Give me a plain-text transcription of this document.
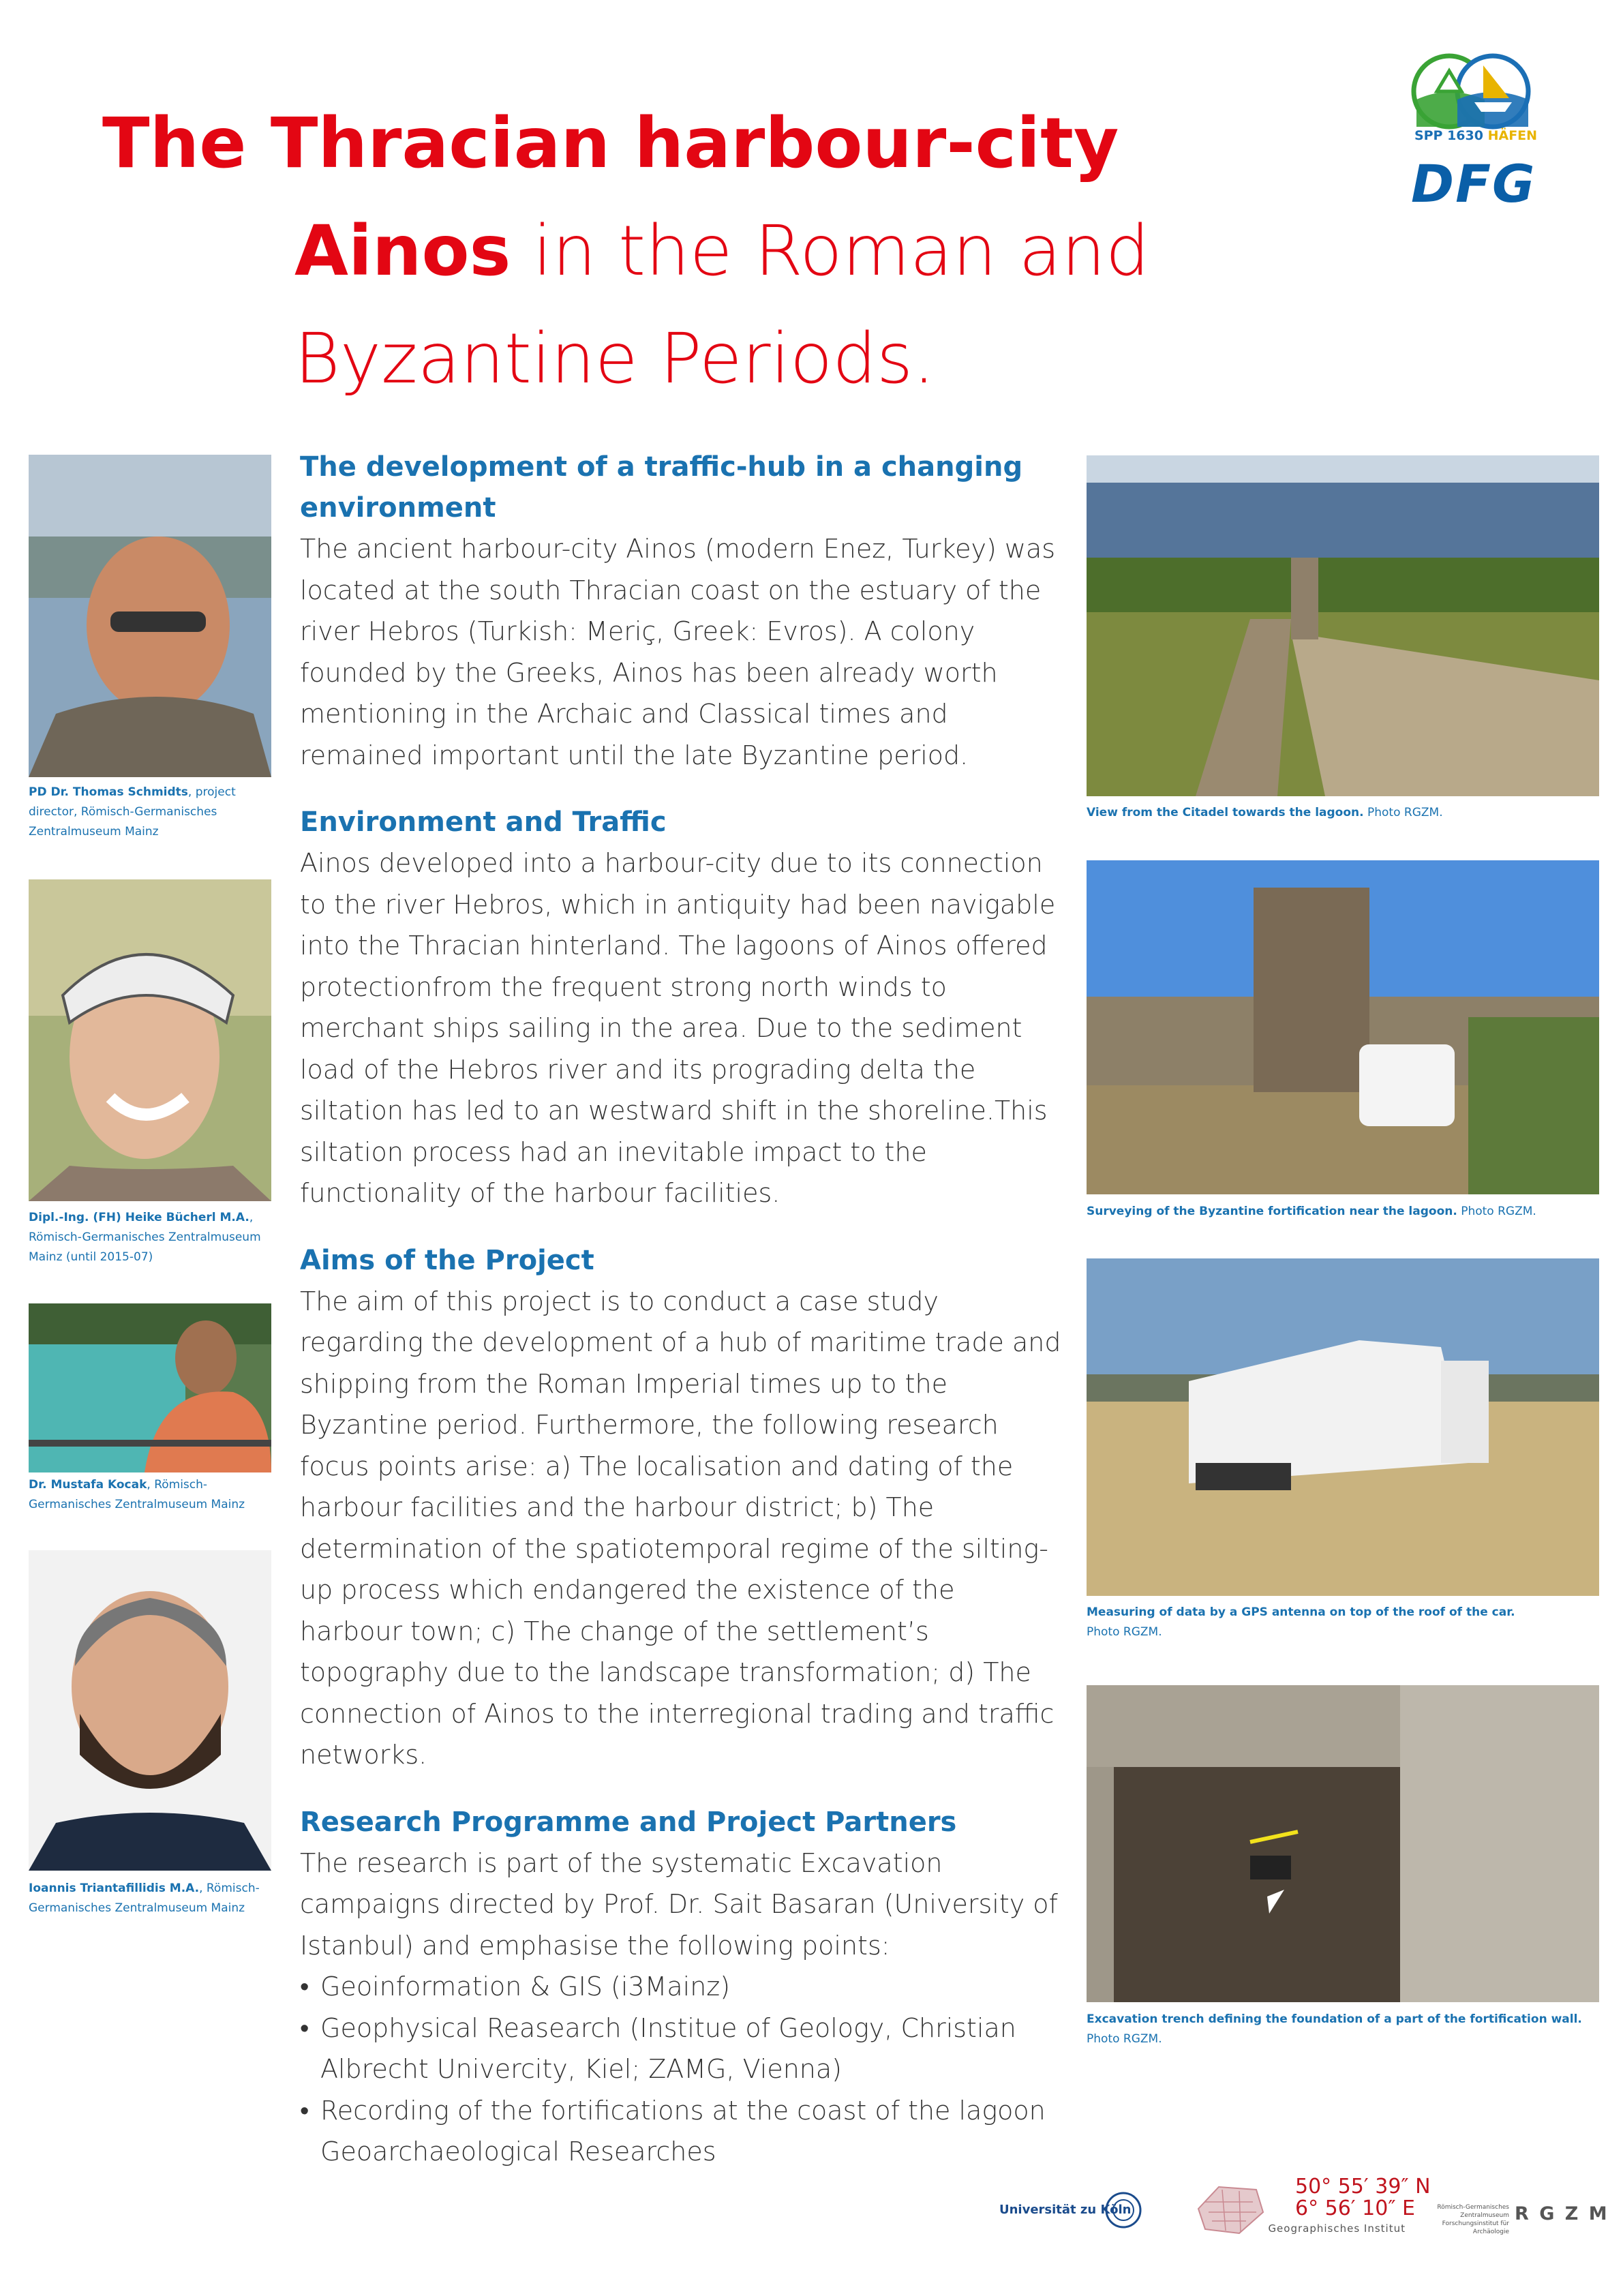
The Thracian harbour-city
Ainos in the Roman and
Byzantine Periods.
SPP 1630 HÄFEN
DFG
PD Dr. Thomas Schmidts, project director, Römisch-Germanisches Zentralmuseum Mainz
Dipl.-Ing. (FH) Heike Bücherl M.A., Römisch-Germanisches Zentralmuseum Mainz (until 2015-07)
Dr. Mustafa Kocak, Römisch-Germanisches Zentralmuseum Mainz
Ioannis Triantafillidis M.A., Römisch-Germanisches Zentralmuseum Mainz

The development of a traffic-hub in a changing environment

The ancient harbour-city Ainos (modern Enez, Turkey) was located at the south Thracian coast on the estuary of the river Hebros (Turkish: Meriç, Greek: Evros). A colony founded by the Greeks, Ainos has been already worth mentioning in the Archaic and Classical times and remained important until the late Byzantine period.

Environment and Traffic

Ainos developed into a harbour-city due to its connection to the river Hebros, which in antiquity had been navigable into the Thracian hinterland. The lagoons of Ainos offered protectionfrom the frequent strong north winds to merchant ships sailing in the area. Due to the sediment load of the Hebros river and its prograding delta the siltation has led to an westward shift in the shoreline.This siltation process had an inevitable impact to the functionality of the harbour facilities.

Aims of the Project

The aim of this project is to conduct a case study regarding the development of a hub of maritime trade and shipping from the Roman Imperial times up to the Byzantine period. Furthermore, the following research focus points arise: a) The localisation and dating of the harbour facilities and the harbour district; b) The determination of the spatiotemporal regime of the silting-up process which endangered the existence of the harbour town; c) The change of the settlement’s topography due to the landscape transformation; d) The connection of Ainos to the interregional trading and traffic networks.

Research Programme and Project Partners

The research is part of the systematic Excavation campaigns directed by Prof. Dr. Sait Basaran (University of Istanbul) and emphasise the following points:

• Geoinformation & GIS (i3Mainz)
• Geophysical Reasearch (Institue of Geology, Christian Albrecht Univercity, Kiel; ZAMG, Vienna)
• Recording of the fortifications at the coast of the lagoon Geoarchaeological Researches
View from the Citadel towards the lagoon. Photo RGZM.
Surveying of the Byzantine fortification near the lagoon. Photo RGZM.
Measuring of data by a GPS antenna on top of the roof of the car.
Photo RGZM.
Excavation trench defining the foundation of a part of the fortification wall.
Photo RGZM.
Universität zu Köln
50° 55′ 39″ N
6° 56′ 10″ E
Geographisches Institut
Römisch-Germanisches Zentralmuseum Forschungsinstitut für Archäologie
R G Z M
